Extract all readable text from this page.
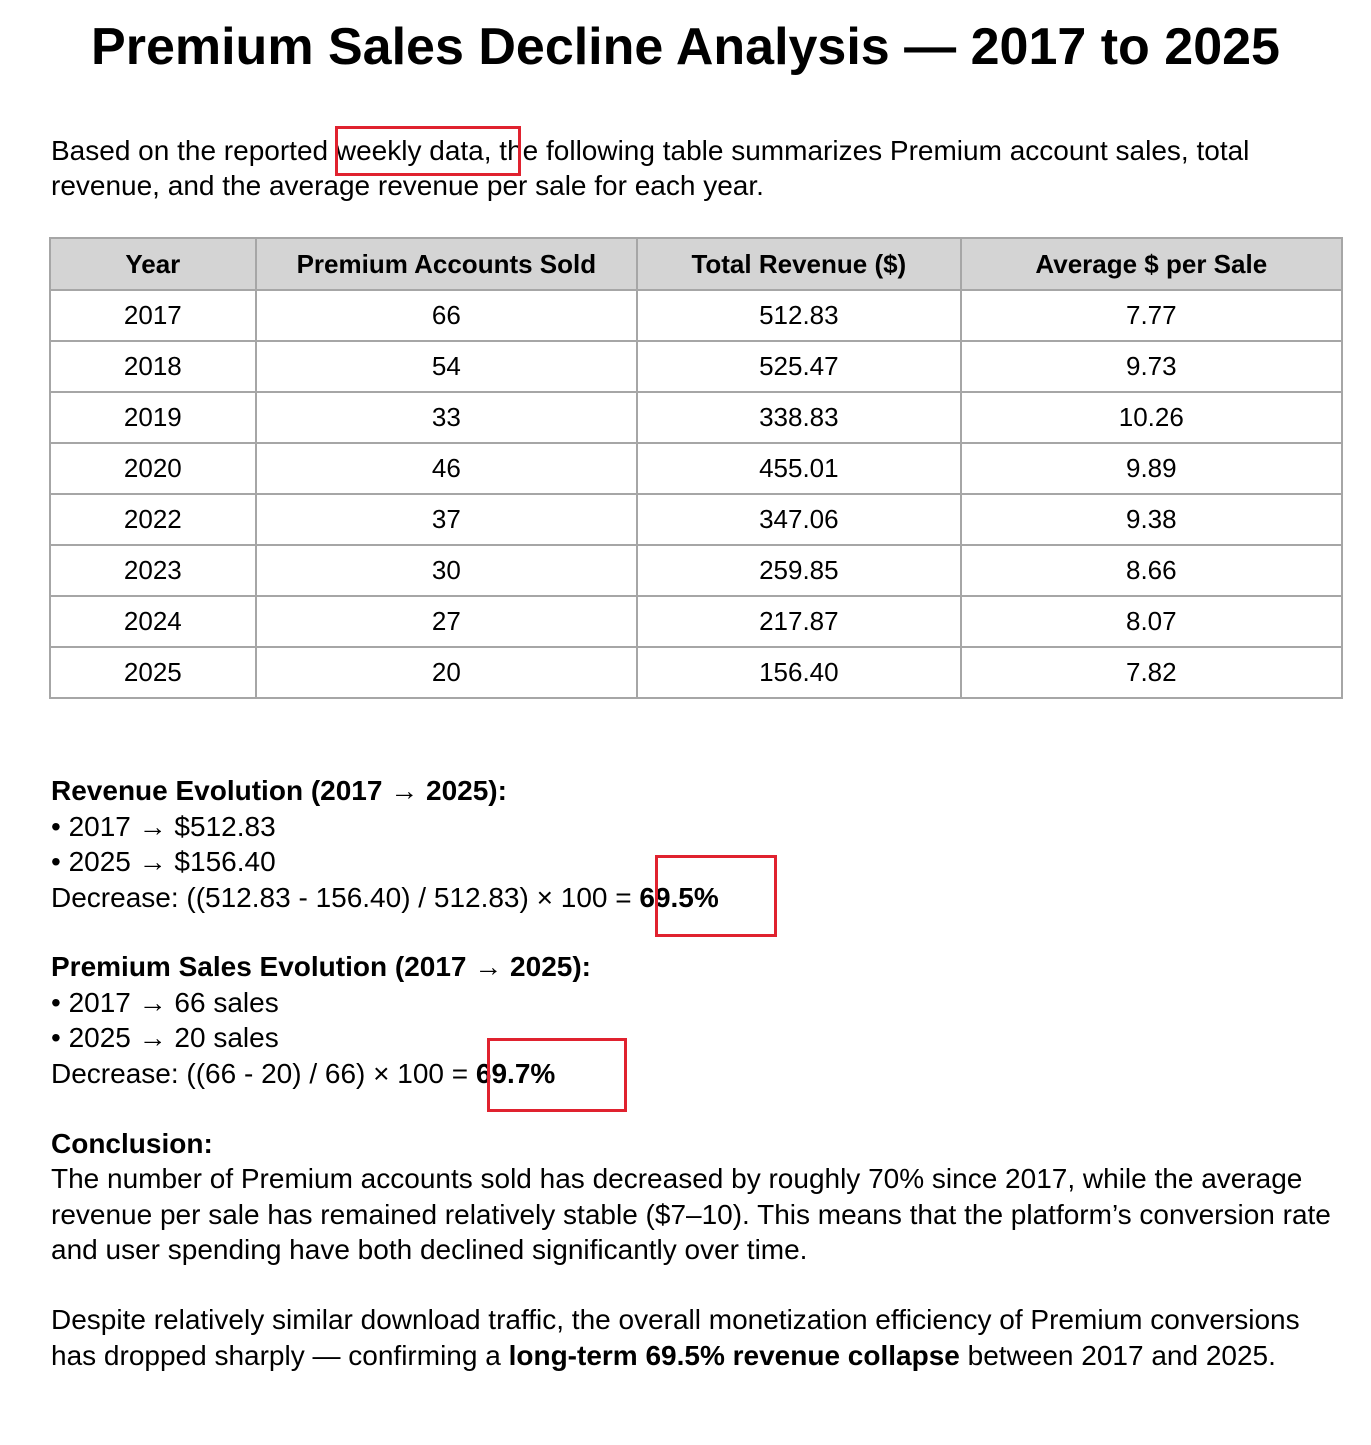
Premium Sales Decline Analysis — 2017 to 2025

Based on the reported weekly data, the following table summarizes Premium account sales, total revenue, and the average revenue per sale for each year.

Year	Premium Accounts Sold	Total Revenue ($)	Average $ per Sale
2017	66	512.83	7.77
2018	54	525.47	9.73
2019	33	338.83	10.26
2020	46	455.01	9.89
2022	37	347.06	9.38
2023	30	259.85	8.66
2024	27	217.87	8.07
2025	20	156.40	7.82

Revenue Evolution (2017 → 2025):

• 2017 → $512.83

• 2025 → $156.40

Decrease: ((512.83 - 156.40) / 512.83) × 100 = 69.5%

Premium Sales Evolution (2017 → 2025):

• 2017 → 66 sales

• 2025 → 20 sales

Decrease: ((66 - 20) / 66) × 100 = 69.7%

Conclusion:

The number of Premium accounts sold has decreased by roughly 70% since 2017, while the average revenue per sale has remained relatively stable ($7–10). This means that the platform’s conversion rate and user spending have both declined significantly over time.

Despite relatively similar download traffic, the overall monetization efficiency of Premium conversions has dropped sharply — confirming a long-term 69.5% revenue collapse between 2017 and 2025.
